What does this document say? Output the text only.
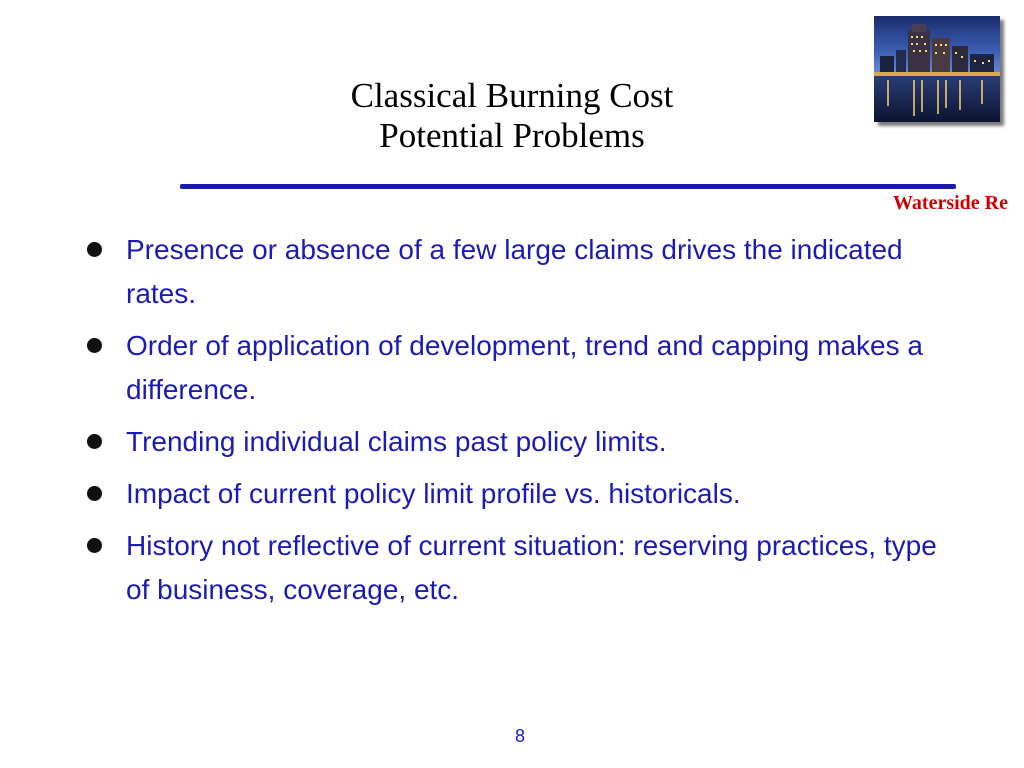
Classical Burning Cost
Potential Problems
Waterside Re
Presence or absence of a few large claims drives the indicated rates.
Order of application of development, trend and capping makes a difference.
Trending individual claims past policy limits.
Impact of current policy limit profile vs. historicals.
History not reflective of current situation: reserving practices, type of business, coverage, etc.
8
